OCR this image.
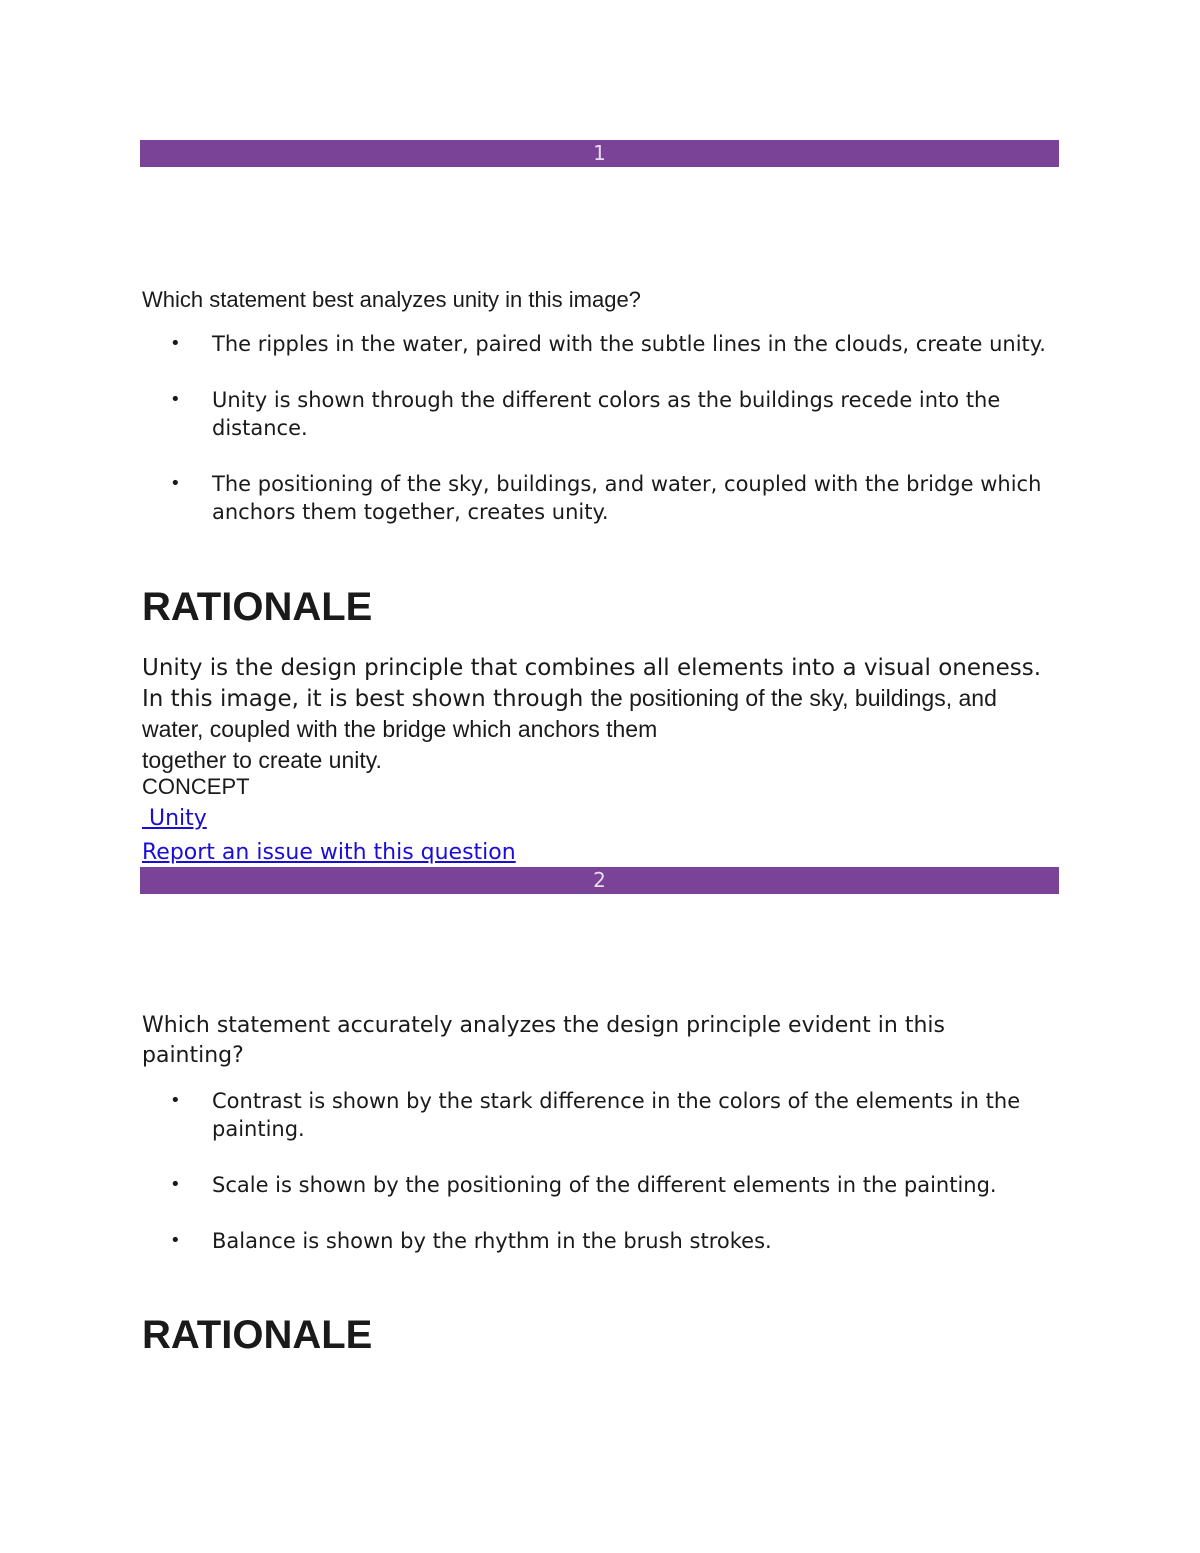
1

Which statement best analyzes unity in this image?

•	The ripples in the water, paired with the subtle lines in the clouds, create unity.
•	Unity is shown through the different colors as the buildings recede into the distance.
•	The positioning of the sky, buildings, and water, coupled with the bridge which anchors them together, creates unity.
RATIONALE

Unity is the design principle that combines all elements into a visual oneness. In this image, it is best shown through the positioning of the sky, buildings, and water, coupled with the bridge which anchors them
together to create unity.

CONCEPT

Unity
Report an issue with this question
2

Which statement accurately analyzes the design principle evident in this painting?

•	Contrast is shown by the stark difference in the colors of the elements in the painting.
•	Scale is shown by the positioning of the different elements in the painting.
•	Balance is shown by the rhythm in the brush strokes.
RATIONALE
